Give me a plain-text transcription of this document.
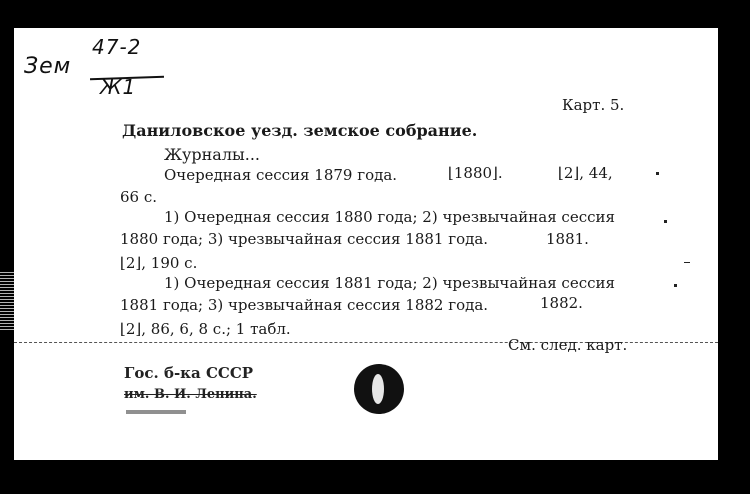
Зем
47-2
Ж1
Карт. 5.
Даниловское уезд. земское собрание.
Журналы...
Очередная сессия 1879 года.	⌊1880⌋.	⌊2⌋, 44,
66 с.
1) Очередная сессия 1880 года; 2) чрезвычайная сессия
1880 года; 3) чрезвычайная сессия 1881 года.	1881.
⌊2⌋, 190 с.
1) Очередная сессия 1881 года; 2) чрезвычайная сессия
1881 года; 3) чрезвычайная сессия 1882 года.	1882.
⌊2⌋, 86, 6, 8 с.; 1 табл.
См. след. карт.
Гос. б-ка СССР
им. В. И. Ленина.
